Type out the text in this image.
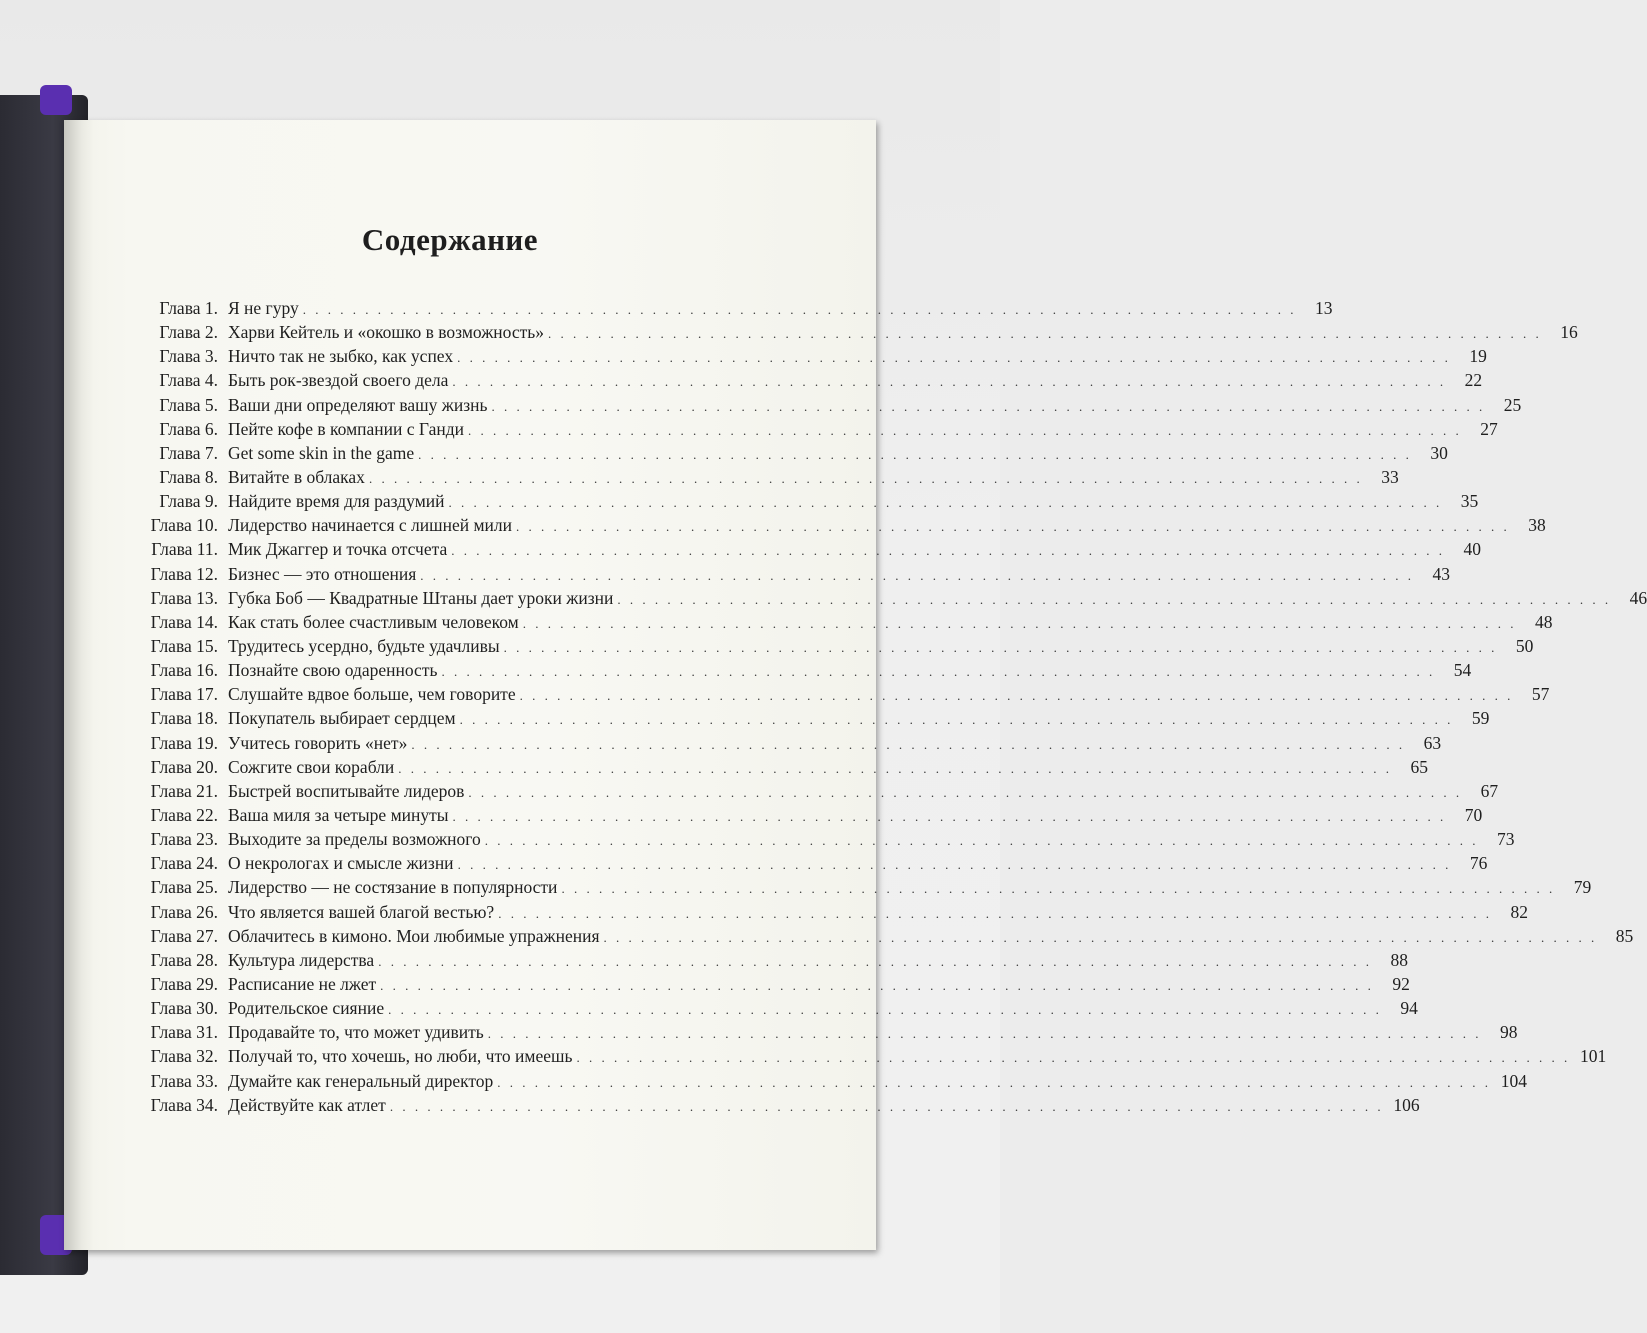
Содержание
Глава 1. Я не гуру . . .	13
Глава 2. Харви Кейтель и «окошко в возможность» . . .	16
Глава 3. Ничто так не зыбко, как успех . . .	19
Глава 4. Быть рок-звездой своего дела . . .	22
Глава 5. Ваши дни определяют вашу жизнь . . .	25
Глава 6. Пейте кофе в компании с Ганди . . .	27
Глава 7. Get some skin in the game . . .	30
Глава 8. Витайте в облаках . . .	33
Глава 9. Найдите время для раздумий . . .	35
Глава 10. Лидерство начинается с лишней мили . . .	38
Глава 11. Мик Джаггер и точка отсчета . . .	40
Глава 12. Бизнес — это отношения . . .	43
Глава 13. Губка Боб — Квадратные Штаны дает уроки жизни . . .	46
Глава 14. Как стать более счастливым человеком . . .	48
Глава 15. Трудитесь усердно, будьте удачливы . . .	50
Глава 16. Познайте свою одаренность . . .	54
Глава 17. Слушайте вдвое больше, чем говорите . . .	57
Глава 18. Покупатель выбирает сердцем . . .	59
Глава 19. Учитесь говорить «нет» . . .	63
Глава 20. Сожгите свои корабли . . .	65
Глава 21. Быстрей воспитывайте лидеров . . .	67
Глава 22. Ваша миля за четыре минуты . . .	70
Глава 23. Выходите за пределы возможного . . .	73
Глава 24. О некрологах и смысле жизни . . .	76
Глава 25. Лидерство — не состязание в популярности . . .	79
Глава 26. Что является вашей благой вестью? . . .	82
Глава 27. Облачитесь в кимоно. Мои любимые упражнения . . .	85
Глава 28. Культура лидерства . . .	88
Глава 29. Расписание не лжет . . .	92
Глава 30. Родительское сияние . . .	94
Глава 31. Продавайте то, что может удивить . . .	98
Глава 32. Получай то, что хочешь, но люби, что имеешь . . .	101
Глава 33. Думайте как генеральный директор . . .	104
Глава 34. Действуйте как атлет . . .	106
